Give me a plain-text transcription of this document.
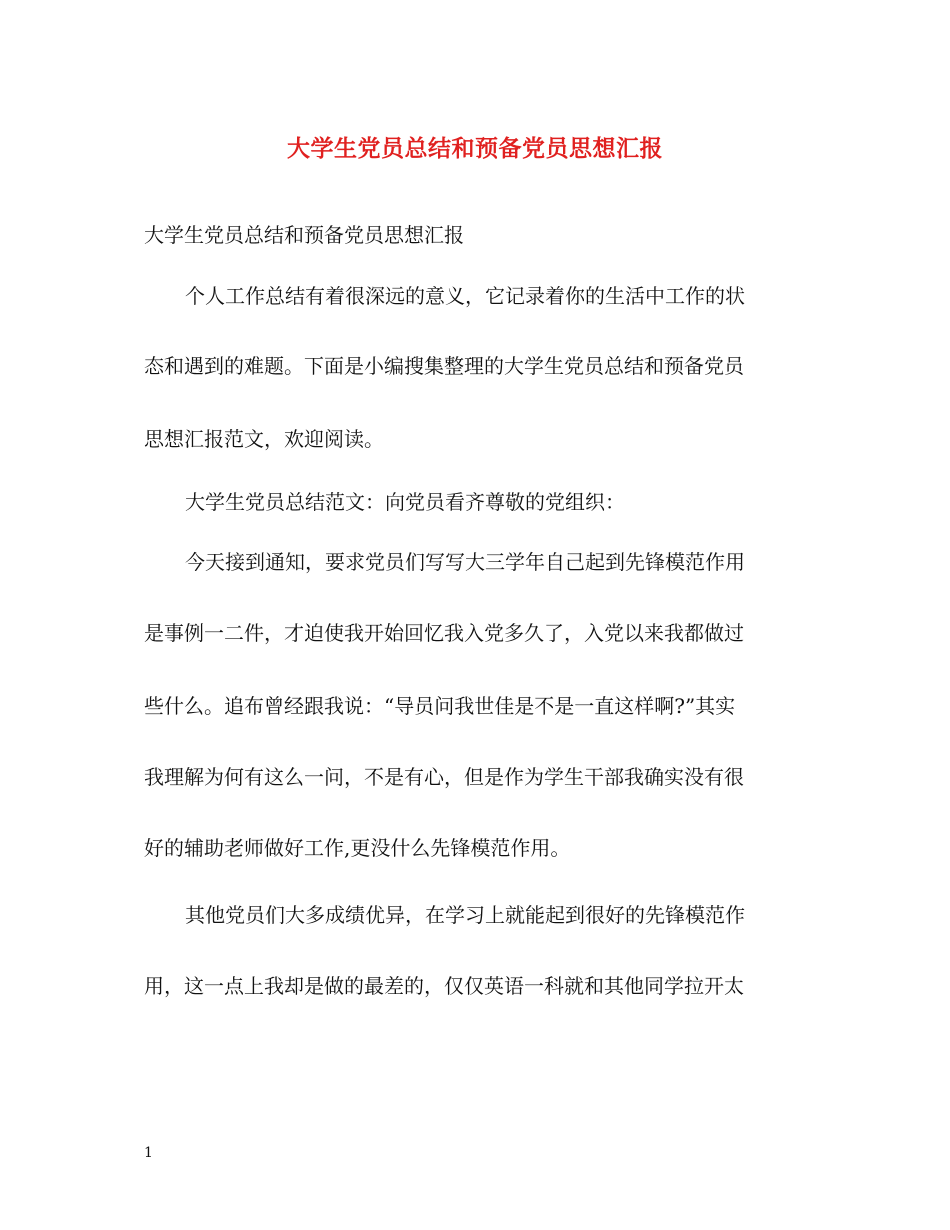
大学生党员总结和预备党员思想汇报
大学生党员总结和预备党员思想汇报
个人工作总结有着很深远的意义，它记录着你的生活中工作的状
态和遇到的难题。下面是小编搜集整理的大学生党员总结和预备党员
思想汇报范文，欢迎阅读。
大学生党员总结范文：向党员看齐尊敬的党组织：
今天接到通知，要求党员们写写大三学年自己起到先锋模范作用
是事例一二件，才迫使我开始回忆我入党多久了，入党以来我都做过
些什么。追布曾经跟我说：“导员问我世佳是不是一直这样啊?”其实
我理解为何有这么一问，不是有心，但是作为学生干部我确实没有很
好的辅助老师做好工作,更没什么先锋模范作用。
其他党员们大多成绩优异，在学习上就能起到很好的先锋模范作
用，这一点上我却是做的最差的，仅仅英语一科就和其他同学拉开太
1
